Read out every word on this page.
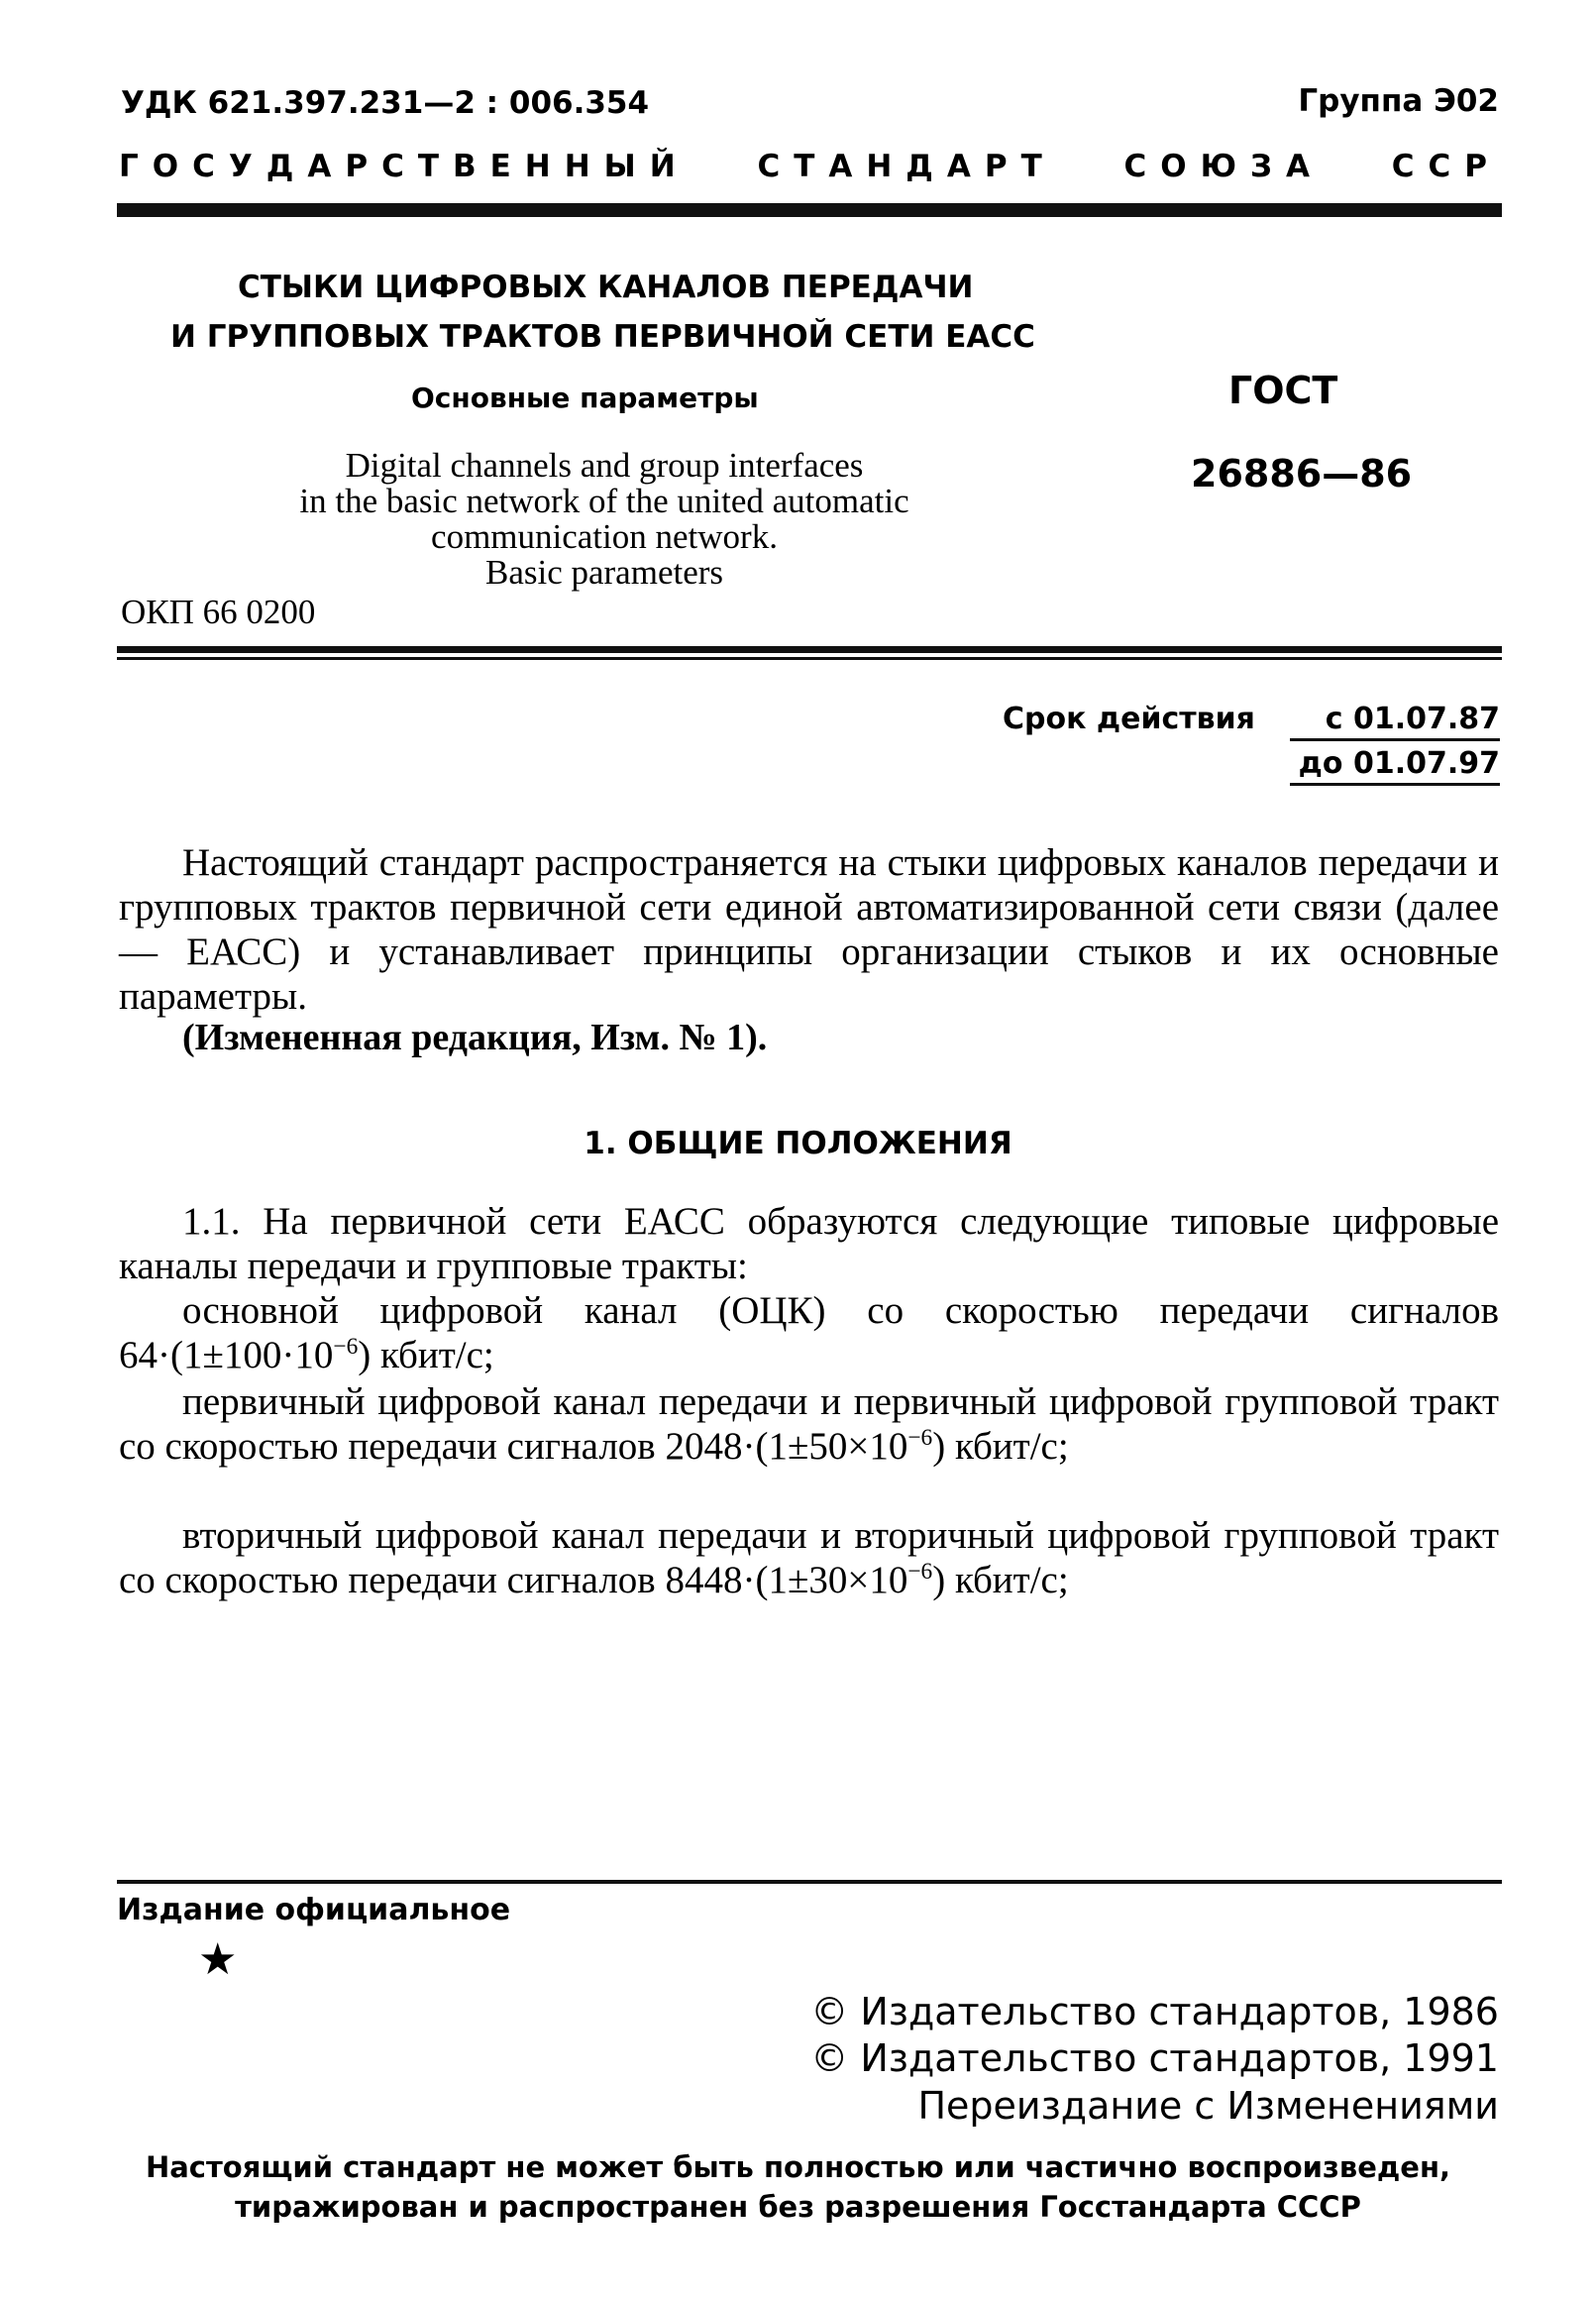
УДК 621.397.231—2 : 006.354	Группа Э02
ГОСУДАРСТВЕННЫЙ СТАНДАРТ СОЮЗА ССР
СТЫКИ ЦИФРОВЫХ КАНАЛОВ ПЕРЕДАЧИ
И ГРУППОВЫХ ТРАКТОВ ПЕРВИЧНОЙ СЕТИ ЕАСС
Основные параметры	ГОСТ
26886—86
Digital channels and group interfaces
in the basic network of the united automatic
communication network.
Basic parameters
ОКП 66 0200
Срок действия	с 01.07.87
до 01.07.97
Настоящий стандарт распространяется на стыки цифровых каналов передачи и групповых трактов первичной сети единой автоматизированной сети связи (далее — ЕАСС) и устанавливает принципы организации стыков и их основные параметры.
(Измененная редакция, Изм. № 1).
1. ОБЩИЕ ПОЛОЖЕНИЯ
1.1. На первичной сети ЕАСС образуются следующие типовые цифровые каналы передачи и групповые тракты:
основной цифровой канал (ОЦК) со скоростью передачи сигналов $64\cdot(1\pm 100\cdot 10^{-6})$ кбит/с;
первичный цифровой канал передачи и первичный цифровой групповой тракт со скоростью передачи сигналов $2048\cdot(1\pm 50\times 10^{-6})$ кбит/с;
вторичный цифровой канал передачи и вторичный цифровой групповой тракт со скоростью передачи сигналов $8448\cdot(1\pm 30\times 10^{-6})$ кбит/с;
Издание официальное
★
© Издательство стандартов, 1986
© Издательство стандартов, 1991
Переиздание с Изменениями
Настоящий стандарт не может быть полностью или частично воспроизведен,
тиражирован и распространен без разрешения Госстандарта СССР
